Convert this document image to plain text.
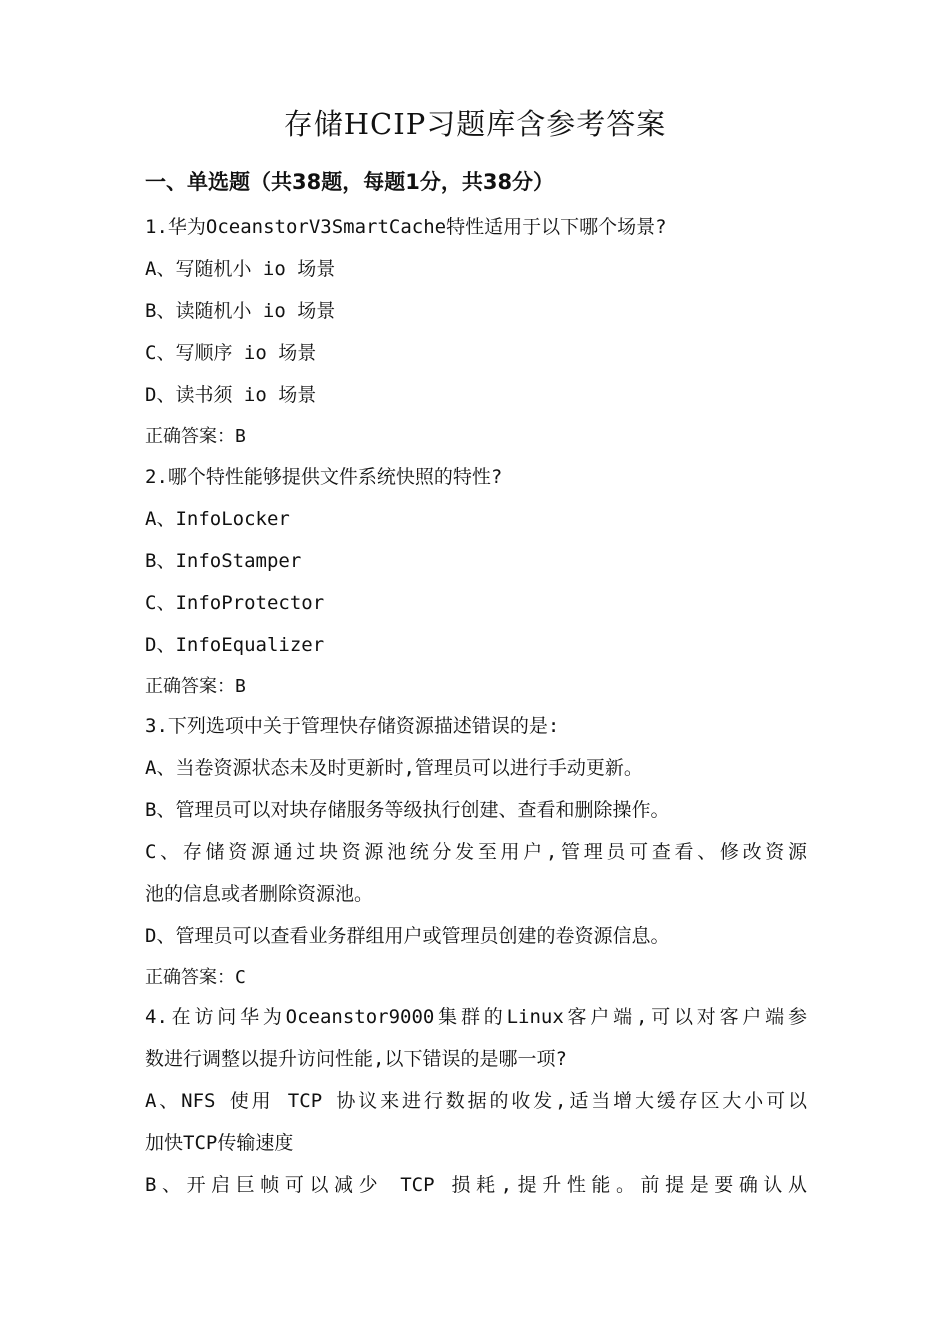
存储HCIP习题库含参考答案
一、单选题（共38题，每题1分，共38分）
1.华为OceanstorV3SmartCache特性适用于以下哪个场景?
A、写随机小 io 场景
B、读随机小 io 场景
C、写顺序 io 场景
D、读书须 io 场景
正确答案：B
2.哪个特性能够提供文件系统快照的特性?
A、InfoLocker
B、InfoStamper
C、InfoProtector
D、InfoEqualizer
正确答案：B
3.下列选项中关于管理快存储资源描述错误的是:
A、当卷资源状态未及时更新时,管理员可以进行手动更新。
B、管理员可以对块存储服务等级执行创建、查看和删除操作。
C、存储资源通过块资源池统分发至用户,管理员可查看、修改资源
池的信息或者删除资源池。
D、管理员可以查看业务群组用户或管理员创建的卷资源信息。
正确答案：C
4.在访问华为Oceanstor9000集群的Linux客户端,可以对客户端参
数进行调整以提升访问性能,以下错误的是哪一项?
A、NFS 使用 TCP 协议来进行数据的收发,适当增大缓存区大小可以
加快TCP传输速度
B、开启巨帧可以减少 TCP 损耗,提升性能。前提是要确认从
